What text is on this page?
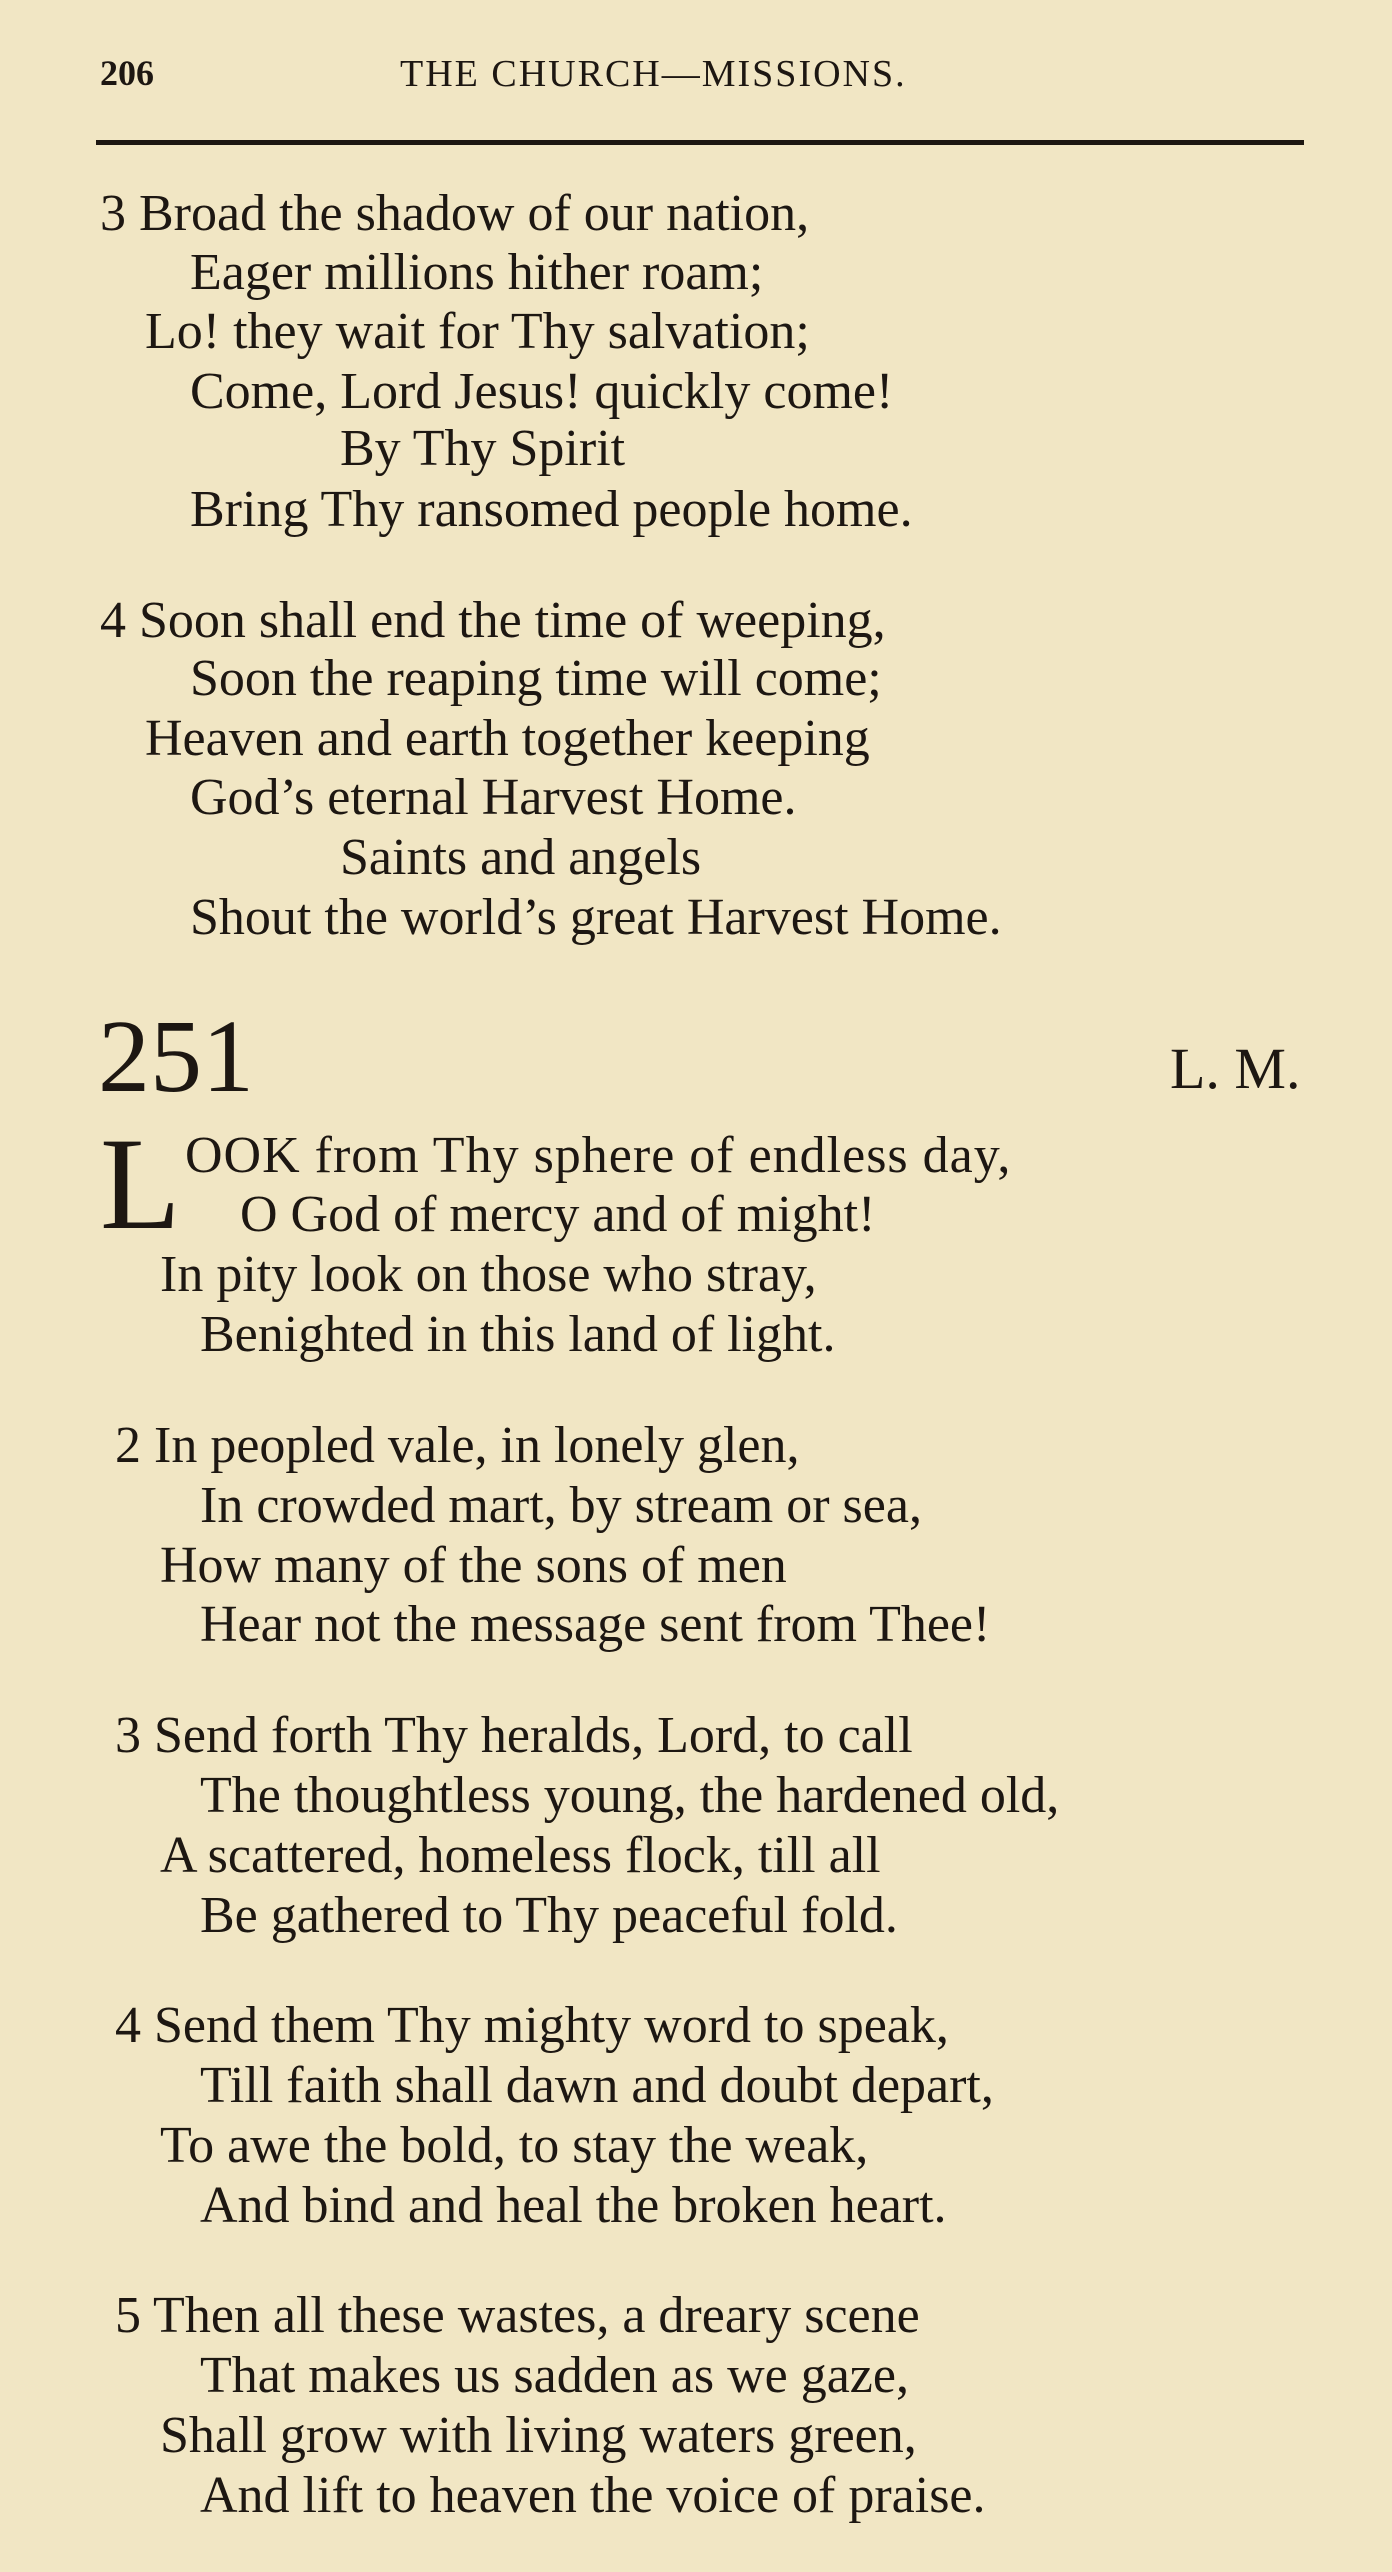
206	THE CHURCH—MISSIONS.
3 Broad the shadow of our nation,
Eager millions hither roam;
Lo! they wait for Thy salvation;
Come, Lord Jesus! quickly come!
By Thy Spirit
Bring Thy ransomed people home.
4 Soon shall end the time of weeping,
Soon the reaping time will come;
Heaven and earth together keeping
God’s eternal Harvest Home.
Saints and angels
Shout the world’s great Harvest Home.
251	L. M.
L OOK from Thy sphere of endless day,
O God of mercy and of might!
In pity look on those who stray,
Benighted in this land of light.
2 In peopled vale, in lonely glen,
In crowded mart, by stream or sea,
How many of the sons of men
Hear not the message sent from Thee!
3 Send forth Thy heralds, Lord, to call
The thoughtless young, the hardened old,
A scattered, homeless flock, till all
Be gathered to Thy peaceful fold.
4 Send them Thy mighty word to speak,
Till faith shall dawn and doubt depart,
To awe the bold, to stay the weak,
And bind and heal the broken heart.
5 Then all these wastes, a dreary scene
That makes us sadden as we gaze,
Shall grow with living waters green,
And lift to heaven the voice of praise.
